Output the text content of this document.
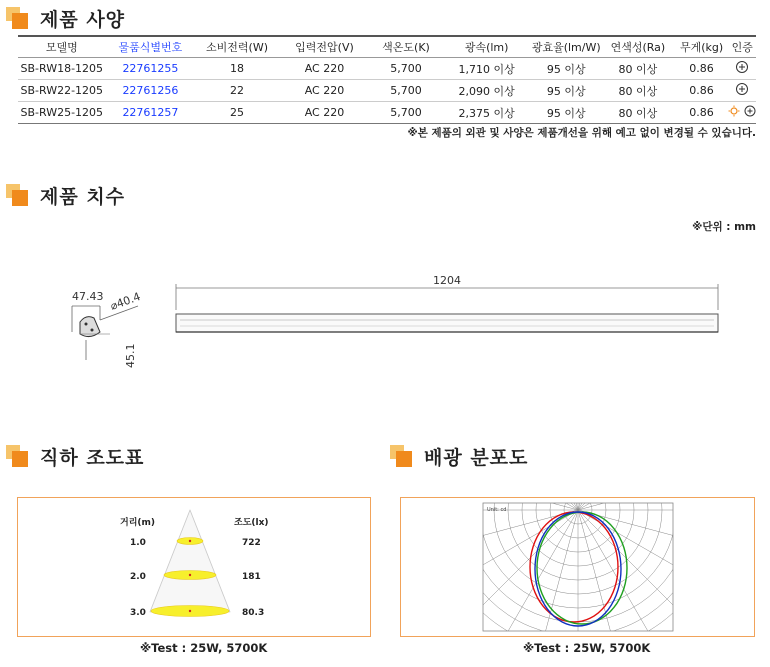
제품 사양
모델명	물품식별번호	소비전력(W)	입력전압(V)	색온도(K)	광속(lm)	광효율(lm/W)	연색성(Ra)	무게(kg)	인증
SB-RW18-1205	22761255	18	AC 220	5,700	1,710 이상	95 이상	80 이상	0.86	
SB-RW22-1205	22761256	22	AC 220	5,700	2,090 이상	95 이상	80 이상	0.86	
SB-RW25-1205	22761257	25	AC 220	5,700	2,375 이상	95 이상	80 이상	0.86	
※본 제품의 외관 및 사양은 제품개선을 위해 예고 없이 변경될 수 있습니다.
제품 치수
※단위 : mm
47.43 ⌀40.4
45.1
1204
직하 조도표
거리(m)	조도(lx)
1.0	722
2.0	181
3.0	80.3
※Test : 25W, 5700K
배광 분포도
Unit: cd
※Test : 25W, 5700K
